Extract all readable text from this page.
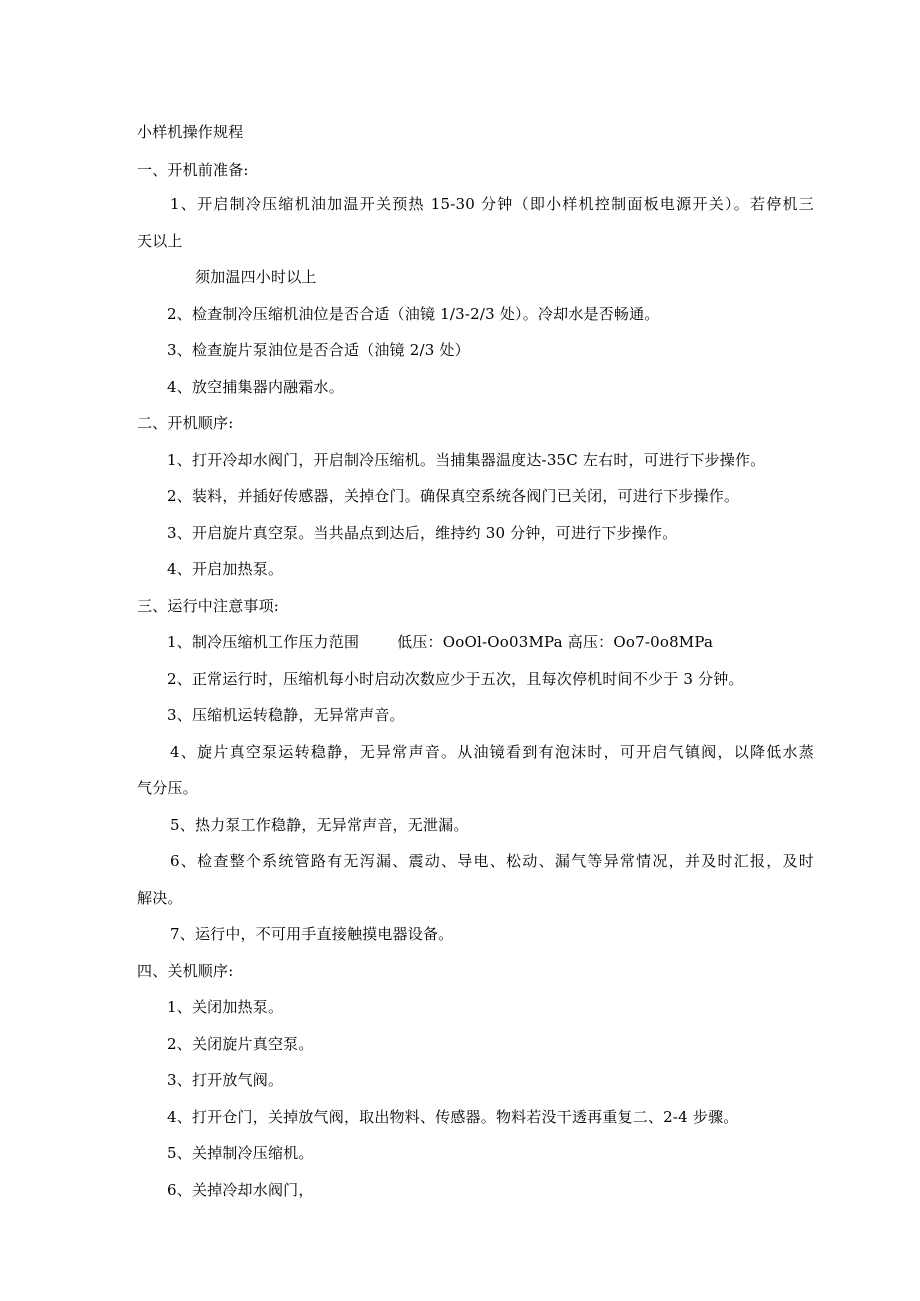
小样机操作规程
一、开机前准备:
1、开启制冷压缩机油加温开关预热 15-30 分钟（即小样机控制面板电源开关）。若停机三
天以上
须加温四小时以上
2、检查制冷压缩机油位是否合适（油镜 1/3-2/3 处）。冷却水是否畅通。
3、检查旋片泵油位是否合适（油镜 2/3 处）
4、放空捕集器内融霜水。
二、开机顺序:
1、打开冷却水阀门，开启制冷压缩机。当捕集器温度达-35C 左右时，可进行下步操作。
2、装料，并插好传感器，关掉仓门。确保真空系统各阀门已关闭，可进行下步操作。
3、开启旋片真空泵。当共晶点到达后，维持约 30 分钟，可进行下步操作。
4、开启加热泵。
三、运行中注意事项:
1、制冷压缩机工作压力范围	低压：OoOl-Oo03MPa 高压：Oo7-0o8MPa
2、正常运行时，压缩机每小时启动次数应少于五次，且每次停机时间不少于 3 分钟。
3、压缩机运转稳静，无异常声音。
4、旋片真空泵运转稳静，无异常声音。从油镜看到有泡沫时，可开启气镇阀，以降低水蒸
气分压。
5、热力泵工作稳静，无异常声音，无泄漏。
6、检查整个系统管路有无泻漏、震动、导电、松动、漏气等异常情况，并及时汇报，及时
解决。
7、运行中，不可用手直接触摸电器设备。
四、关机顺序:
1、关闭加热泵。
2、关闭旋片真空泵。
3、打开放气阀。
4、打开仓门，关掉放气阀，取出物料、传感器。物料若没干透再重复二、2-4 步骤。
5、关掉制冷压缩机。
6、关掉冷却水阀门，
